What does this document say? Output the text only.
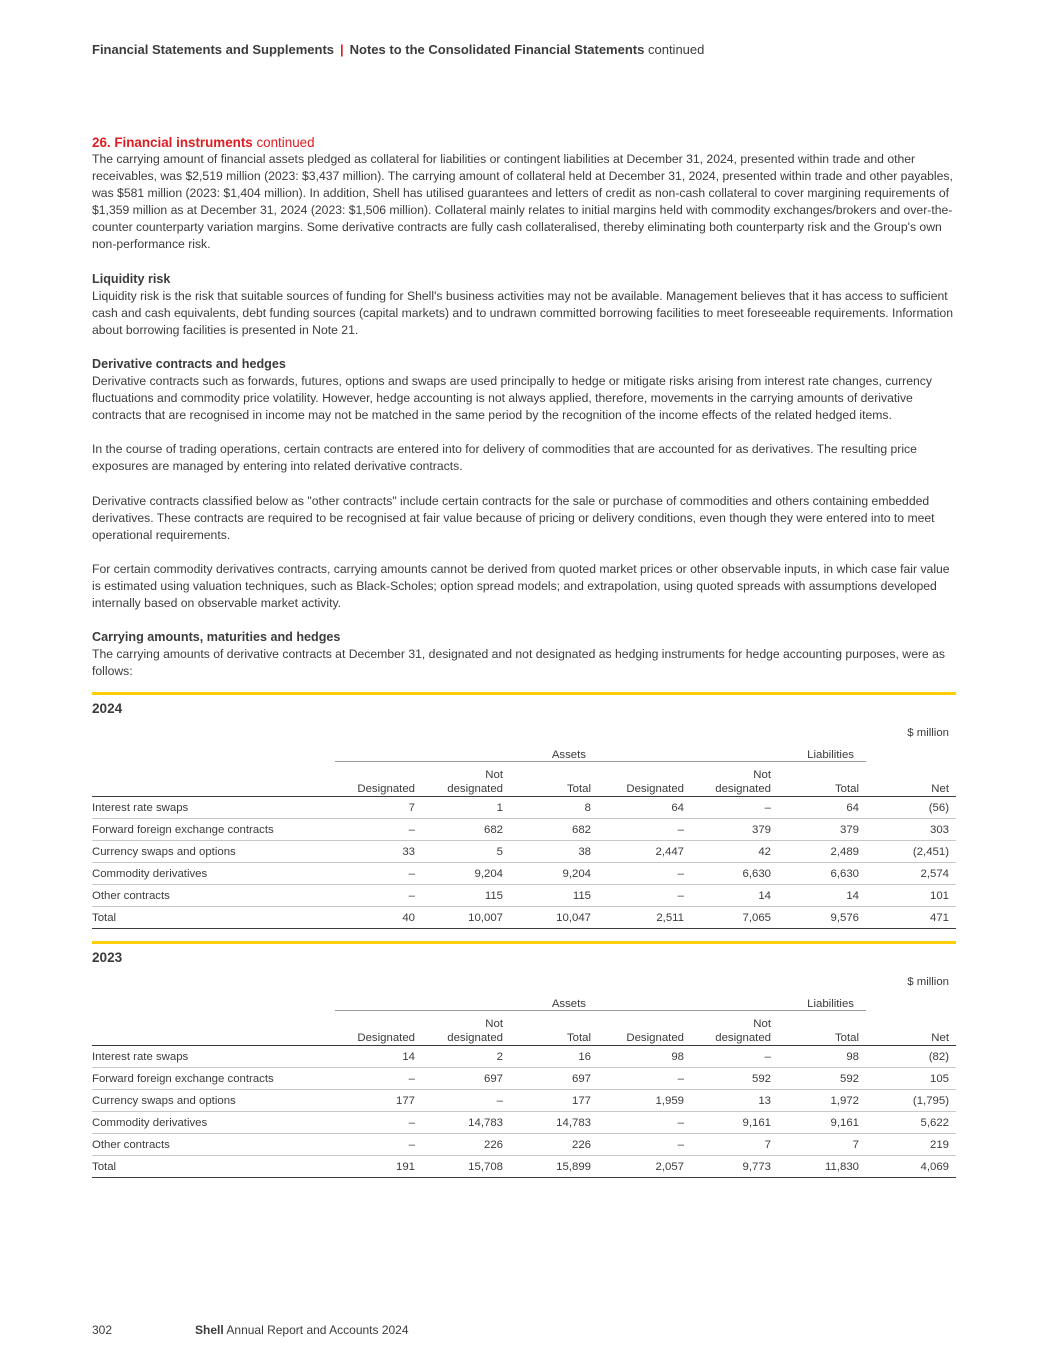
Financial Statements and Supplements | Notes to the Consolidated Financial Statements continued

26. Financial instruments continued

The carrying amount of financial assets pledged as collateral for liabilities or contingent liabilities at December 31, 2024, presented within trade and other receivables, was $2,519 million (2023: $3,437 million). The carrying amount of collateral held at December 31, 2024, presented within trade and other payables, was $581 million (2023: $1,404 million). In addition, Shell has utilised guarantees and letters of credit as non-cash collateral to cover margining requirements of $1,359 million as at December 31, 2024 (2023: $1,506 million). Collateral mainly relates to initial margins held with commodity exchanges/brokers and over-the-counter counterparty variation margins. Some derivative contracts are fully cash collateralised, thereby eliminating both counterparty risk and the Group's own non-performance risk.

Liquidity risk

Liquidity risk is the risk that suitable sources of funding for Shell's business activities may not be available. Management believes that it has access to sufficient cash and cash equivalents, debt funding sources (capital markets) and to undrawn committed borrowing facilities to meet foreseeable requirements. Information about borrowing facilities is presented in Note 21.

Derivative contracts and hedges

Derivative contracts such as forwards, futures, options and swaps are used principally to hedge or mitigate risks arising from interest rate changes, currency fluctuations and commodity price volatility. However, hedge accounting is not always applied, therefore, movements in the carrying amounts of derivative contracts that are recognised in income may not be matched in the same period by the recognition of the income effects of the related hedged items.

In the course of trading operations, certain contracts are entered into for delivery of commodities that are accounted for as derivatives. The resulting price exposures are managed by entering into related derivative contracts.

Derivative contracts classified below as "other contracts" include certain contracts for the sale or purchase of commodities and others containing embedded derivatives. These contracts are required to be recognised at fair value because of pricing or delivery conditions, even though they were entered into to meet operational requirements.

For certain commodity derivatives contracts, carrying amounts cannot be derived from quoted market prices or other observable inputs, in which case fair value is estimated using valuation techniques, such as Black-Scholes; option spread models; and extrapolation, using quoted spreads with assumptions developed internally based on observable market activity.

Carrying amounts, maturities and hedges

The carrying amounts of derivative contracts at December 31, designated and not designated as hedging instruments for hedge accounting purposes, were as follows:

2024

$ million							
	Assets			Liabilities			
	Designated	Not
designated	Total	Designated	Not
designated	Total	Net
Interest rate swaps	7	1	8	64	–	64	(56)
Forward foreign exchange contracts	–	682	682	–	379	379	303
Currency swaps and options	33	5	38	2,447	42	2,489	(2,451)
Commodity derivatives	–	9,204	9,204	–	6,630	6,630	2,574
Other contracts	–	115	115	–	14	14	101
Total	40	10,007	10,047	2,511	7,065	9,576	471

2023

$ million							
	Assets			Liabilities			
	Designated	Not
designated	Total	Designated	Not
designated	Total	Net
Interest rate swaps	14	2	16	98	–	98	(82)
Forward foreign exchange contracts	–	697	697	–	592	592	105
Currency swaps and options	177	–	177	1,959	13	1,972	(1,795)
Commodity derivatives	–	14,783	14,783	–	9,161	9,161	5,622
Other contracts	–	226	226	–	7	7	219
Total	191	15,708	15,899	2,057	9,773	11,830	4,069
302	Shell Annual Report and Accounts 2024
